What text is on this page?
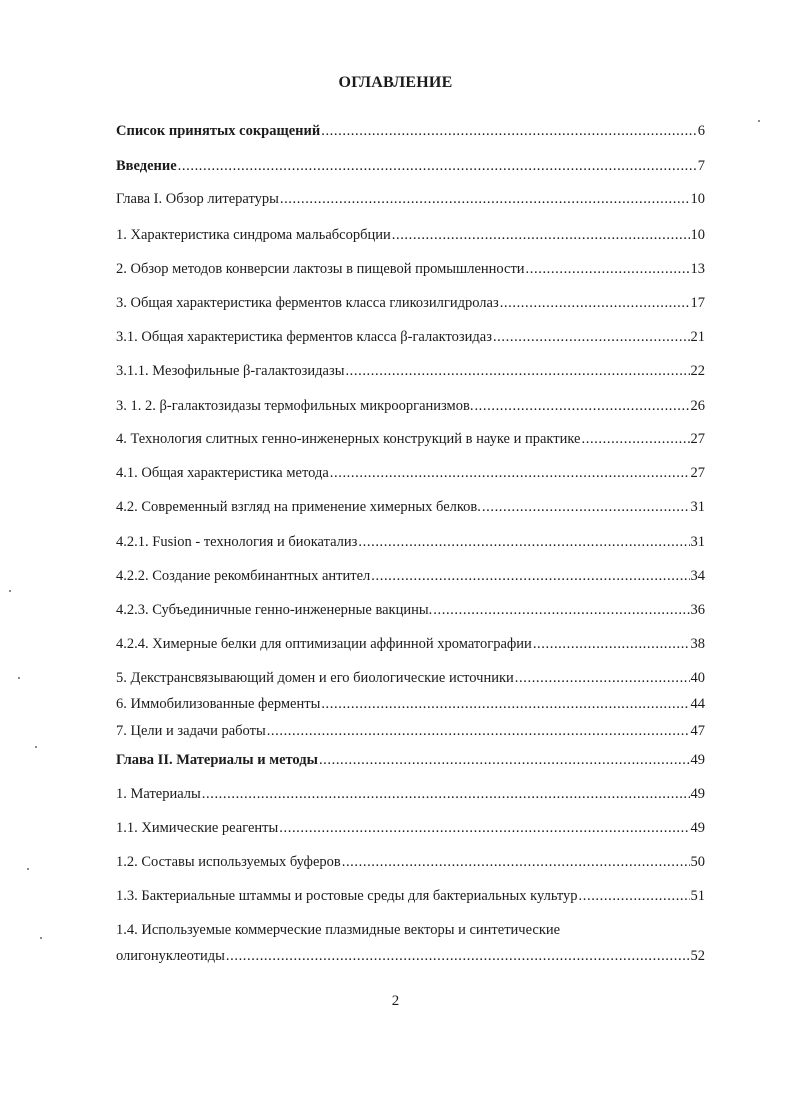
ОГЛАВЛЕНИЕ
Список принятых сокращений .....	6
Введение .....	7
Глава I. Обзор литературы .....	10
1. Характеристика синдрома мальабсорбции .....	10
2. Обзор методов конверсии лактозы в пищевой промышленности .....	13
3. Общая характеристика ферментов класса гликозилгидролаз .....	17
3.1. Общая характеристика ферментов класса β-галактозидаз .....	21
3.1.1. Мезофильные β-галактозидазы .....	22
3. 1. 2. β-галактозидазы термофильных микроорганизмов. .....	26
4. Технология слитных генно-инженерных конструкций в науке и практике .....	27
4.1. Общая характеристика метода .....	27
4.2. Современный взгляд на применение химерных белков. .....	31
4.2.1. Fusion - технология и биокатализ .....	31
4.2.2. Создание рекомбинантных антител .....	34
4.2.3. Субъединичные генно-инженерные вакцины. .....	36
4.2.4. Химерные белки для оптимизации аффинной хроматографии .....	38
5. Декстрансвязывающий домен и его биологические источники .....	40
6. Иммобилизованные ферменты .....	44
7. Цели и задачи работы .....	47
Глава II. Материалы и методы .....	49
1. Материалы .....	49
1.1. Химические реагенты .....	49
1.2. Составы используемых буферов .....	50
1.3. Бактериальные штаммы и ростовые среды для бактериальных культур .....	51
1.4. Используемые коммерческие плазмидные векторы и синтетические
олигонуклеотиды .....	52
2
